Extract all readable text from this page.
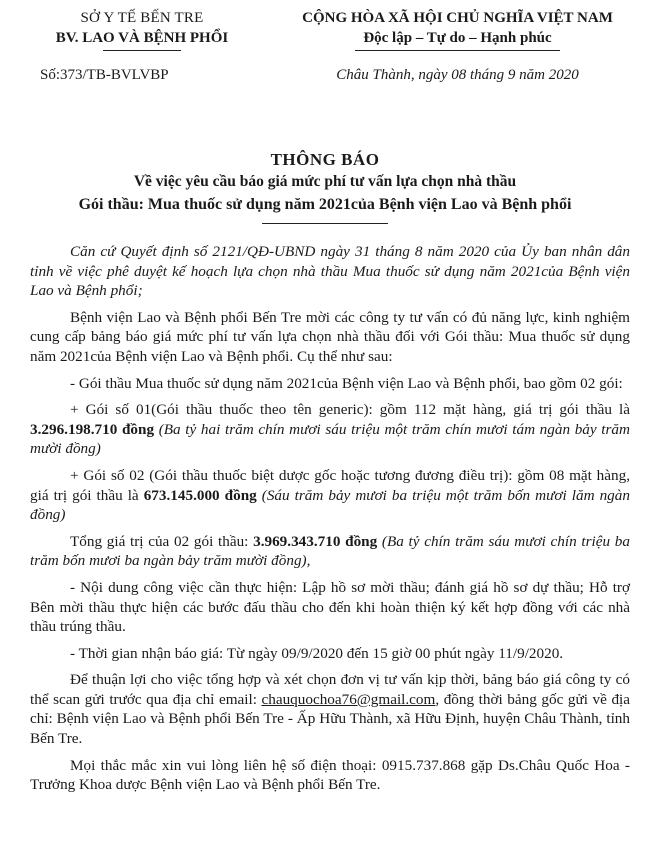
SỞ Y TẾ BẾN TRE
BV. LAO VÀ BỆNH PHỔI
Số:373/TB-BVLVBP
CỘNG HÒA XÃ HỘI CHỦ NGHĨA VIỆT NAM
Độc lập – Tự do – Hạnh phúc
Châu Thành, ngày 08 tháng 9 năm 2020
THÔNG BÁO
Về việc yêu cầu báo giá mức phí tư vấn lựa chọn nhà thầu
Gói thầu: Mua thuốc sử dụng năm 2021của Bệnh viện Lao và Bệnh phổi

Căn cứ Quyết định số 2121/QĐ-UBND ngày 31 tháng 8 năm 2020 của Ủy ban nhân dân tỉnh về việc phê duyệt kế hoạch lựa chọn nhà thầu Mua thuốc sử dụng năm 2021của Bệnh viện Lao và Bệnh phổi;

Bệnh viện Lao và Bệnh phổi Bến Tre mời các công ty tư vấn có đủ năng lực, kinh nghiệm cung cấp bảng báo giá mức phí tư vấn lựa chọn nhà thầu đối với Gói thầu: Mua thuốc sử dụng năm 2021của Bệnh viện Lao và Bệnh phổi. Cụ thể như sau:

- Gói thầu Mua thuốc sử dụng năm 2021của Bệnh viện Lao và Bệnh phổi, bao gồm 02 gói:

+ Gói số 01(Gói thầu thuốc theo tên generic): gồm 112 mặt hàng, giá trị gói thầu là 3.296.198.710 đồng (Ba tỷ hai trăm chín mươi sáu triệu một trăm chín mươi tám ngàn bảy trăm mười đồng)

+ Gói số 02 (Gói thầu thuốc biệt dược gốc hoặc tương đương điều trị): gồm 08 mặt hàng, giá trị gói thầu là 673.145.000 đồng (Sáu trăm bảy mươi ba triệu một trăm bốn mươi lăm ngàn đồng)

Tổng giá trị của 02 gói thầu: 3.969.343.710 đồng (Ba tỷ chín trăm sáu mươi chín triệu ba trăm bốn mươi ba ngàn bảy trăm mười đồng),

- Nội dung công việc cần thực hiện: Lập hồ sơ mời thầu; đánh giá hồ sơ dự thầu; Hỗ trợ Bên mời thầu thực hiện các bước đấu thầu cho đến khi hoàn thiện ký kết hợp đồng với các nhà thầu trúng thầu.

- Thời gian nhận báo giá: Từ ngày 09/9/2020 đến 15 giờ 00 phút ngày 11/9/2020.

Để thuận lợi cho việc tổng hợp và xét chọn đơn vị tư vấn kịp thời, bảng báo giá công ty có thể scan gửi trước qua địa chỉ email: chauquochoa76@gmail.com, đồng thời bảng gốc gửi về địa chỉ: Bệnh viện Lao và Bệnh phổi Bến Tre - Ấp Hữu Thành, xã Hữu Định, huyện Châu Thành, tỉnh Bến Tre.

Mọi thắc mắc xin vui lòng liên hệ số điện thoại: 0915.737.868 gặp Ds.Châu Quốc Hoa - Trưởng Khoa dược Bệnh viện Lao và Bệnh phổi Bến Tre.
